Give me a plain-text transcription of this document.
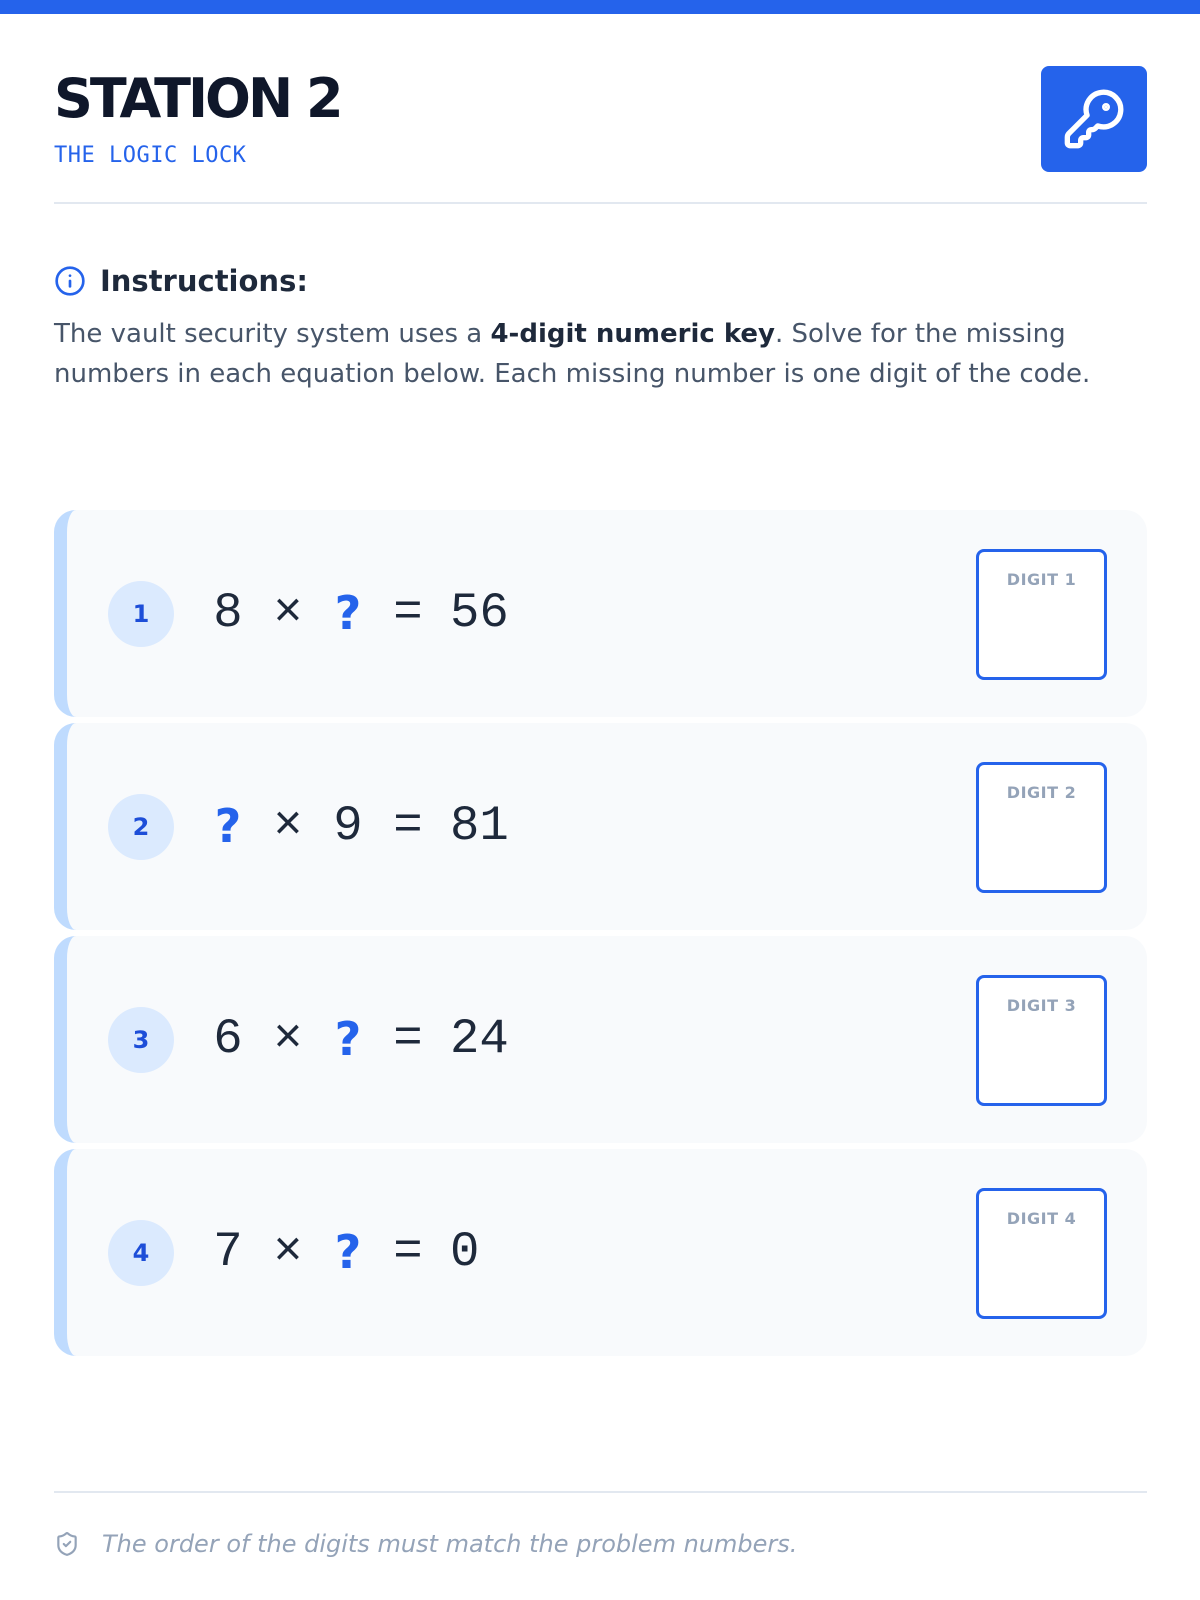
STATION 2
THE LOGIC LOCK
Instructions:
The vault security system uses a 4-digit numeric key. Solve for the missing numbers in each equation below. Each missing number is one digit of the code.
1	8 × ? = 56
DIGIT 1
2	? × 9 = 81
DIGIT 2
3	6 × ? = 24
DIGIT 3
4	7 × ? = 0
DIGIT 4
The order of the digits must match the problem numbers.
